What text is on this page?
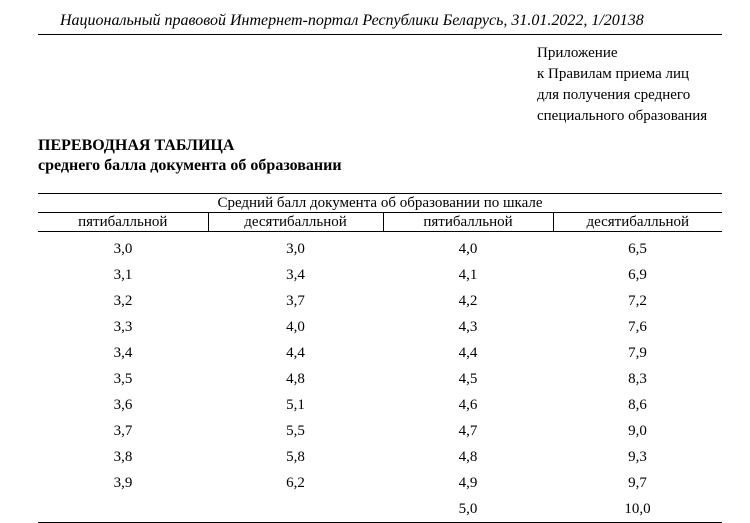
Национальный правовой Интернет-портал Республики Беларусь, 31.01.2022, 1/20138
Приложение
к Правилам приема лиц
для получения среднего
специального образования
ПЕРЕВОДНАЯ ТАБЛИЦА
среднего балла документа об образовании
Средний балл документа об образовании по шкале			
пятибалльной	десятибалльной	пятибалльной	десятибалльной
3,0	3,0	4,0	6,5
3,1	3,4	4,1	6,9
3,2	3,7	4,2	7,2
3,3	4,0	4,3	7,6
3,4	4,4	4,4	7,9
3,5	4,8	4,5	8,3
3,6	5,1	4,6	8,6
3,7	5,5	4,7	9,0
3,8	5,8	4,8	9,3
3,9	6,2	4,9	9,7
		5,0	10,0
